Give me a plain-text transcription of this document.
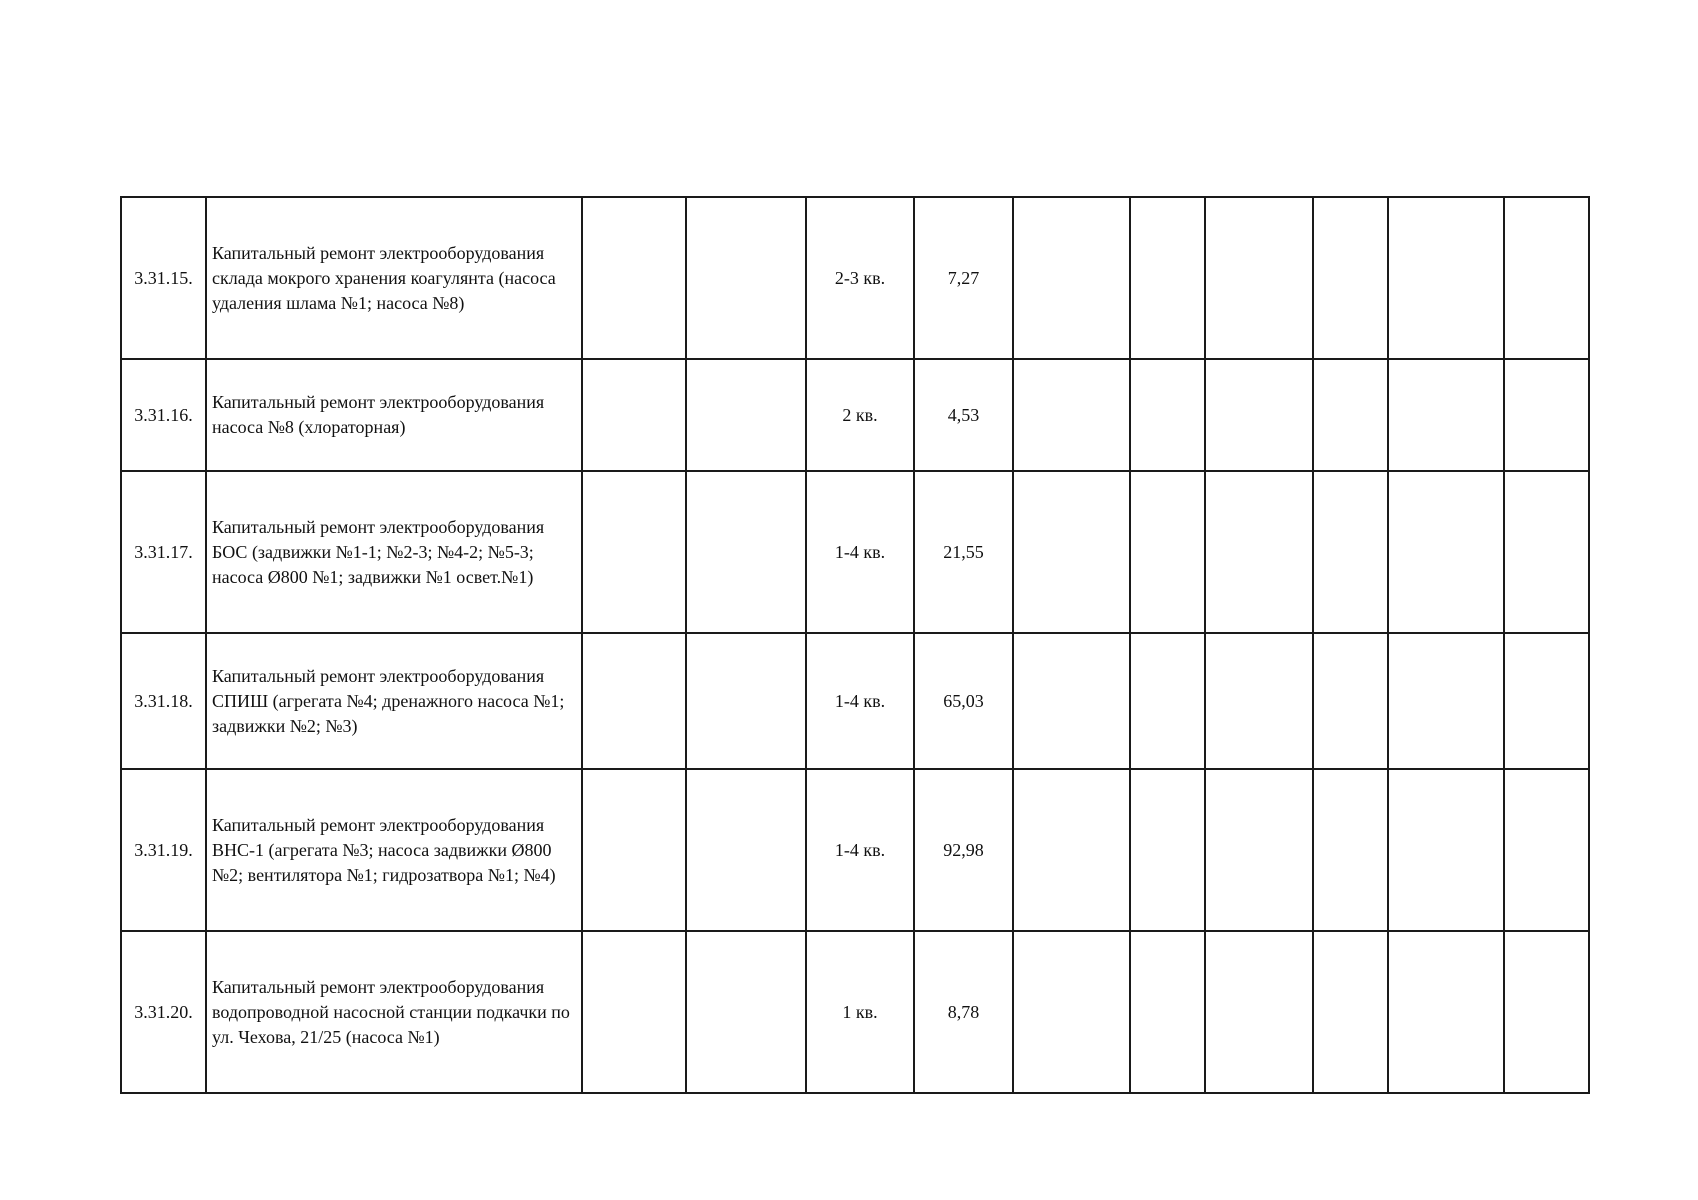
3.31.15.	Капитальный ремонт электрооборудования склада мокрого хранения коагулянта (насоса удаления шлама №1; насоса №8)			2-3 кв.	7,27						
3.31.16.	Капитальный ремонт электрооборудования насоса №8 (хлораторная)			2 кв.	4,53						
3.31.17.	Капитальный ремонт электрооборудования БОС (задвижки №1-1; №2-3; №4-2; №5-3; насоса Ø800 №1; задвижки №1 освет.№1)			1-4 кв.	21,55						
3.31.18.	Капитальный ремонт электрооборудования СПИШ (агрегата №4; дренажного насоса №1; задвижки №2; №3)			1-4 кв.	65,03						
3.31.19.	Капитальный ремонт электрооборудования ВНС-1 (агрегата №3; насоса задвижки Ø800 №2; вентилятора №1; гидрозатвора №1; №4)			1-4 кв.	92,98						
3.31.20.	Капитальный ремонт электрооборудования водопроводной насосной станции подкачки по ул. Чехова, 21/25 (насоса №1)			1 кв.	8,78						
